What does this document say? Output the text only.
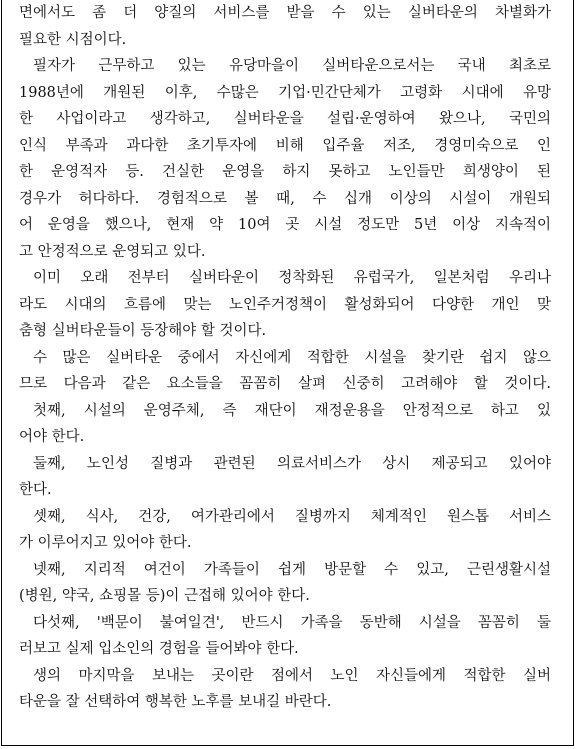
면에서도 좀 더 양질의 서비스를 받을 수 있는 실버타운의 차별화가
필요한 시점이다.
필자가 근무하고 있는 유당마을이 실버타운으로서는 국내 최초로
1988년에 개원된 이후, 수많은 기업·민간단체가 고령화 시대에 유망
한 사업이라고 생각하고, 실버타운을 설립·운영하여 왔으나, 국민의
인식 부족과 과다한 초기투자에 비해 입주율 저조, 경영미숙으로 인
한 운영적자 등. 건실한 운영을 하지 못하고 노인들만 희생양이 된
경우가 허다하다. 경험적으로 볼 때, 수 십개 이상의 시설이 개원되
어 운영을 했으나, 현재 약 10여 곳 시설 정도만 5년 이상 지속적이
고 안정적으로 운영되고 있다.
이미 오래 전부터 실버타운이 정착화된 유럽국가, 일본처럼 우리나
라도 시대의 흐름에 맞는 노인주거정책이 활성화되어 다양한 개인 맞
춤형 실버타운들이 등장해야 할 것이다.
수 많은 실버타운 중에서 자신에게 적합한 시설을 찾기란 쉽지 않으
므로 다음과 같은 요소들을 꼼꼼히 살펴 신중히 고려해야 할 것이다.
첫째, 시설의 운영주체, 즉 재단이 재정운용을 안정적으로 하고 있
어야 한다.
둘째, 노인성 질병과 관련된 의료서비스가 상시 제공되고 있어야
한다.
셋째, 식사, 건강, 여가관리에서 질병까지 체계적인 원스톱 서비스
가 이루어지고 있어야 한다.
넷째, 지리적 여건이 가족들이 쉽게 방문할 수 있고, 근린생활시설
(병원, 약국, 쇼핑몰 등)이 근접해 있어야 한다.
다섯째, '백문이 불여일견', 반드시 가족을 동반해 시설을 꼼꼼히 둘
러보고 실제 입소인의 경험을 들어봐야 한다.
생의 마지막을 보내는 곳이란 점에서 노인 자신들에게 적합한 실버
타운을 잘 선택하여 행복한 노후를 보내길 바란다.
